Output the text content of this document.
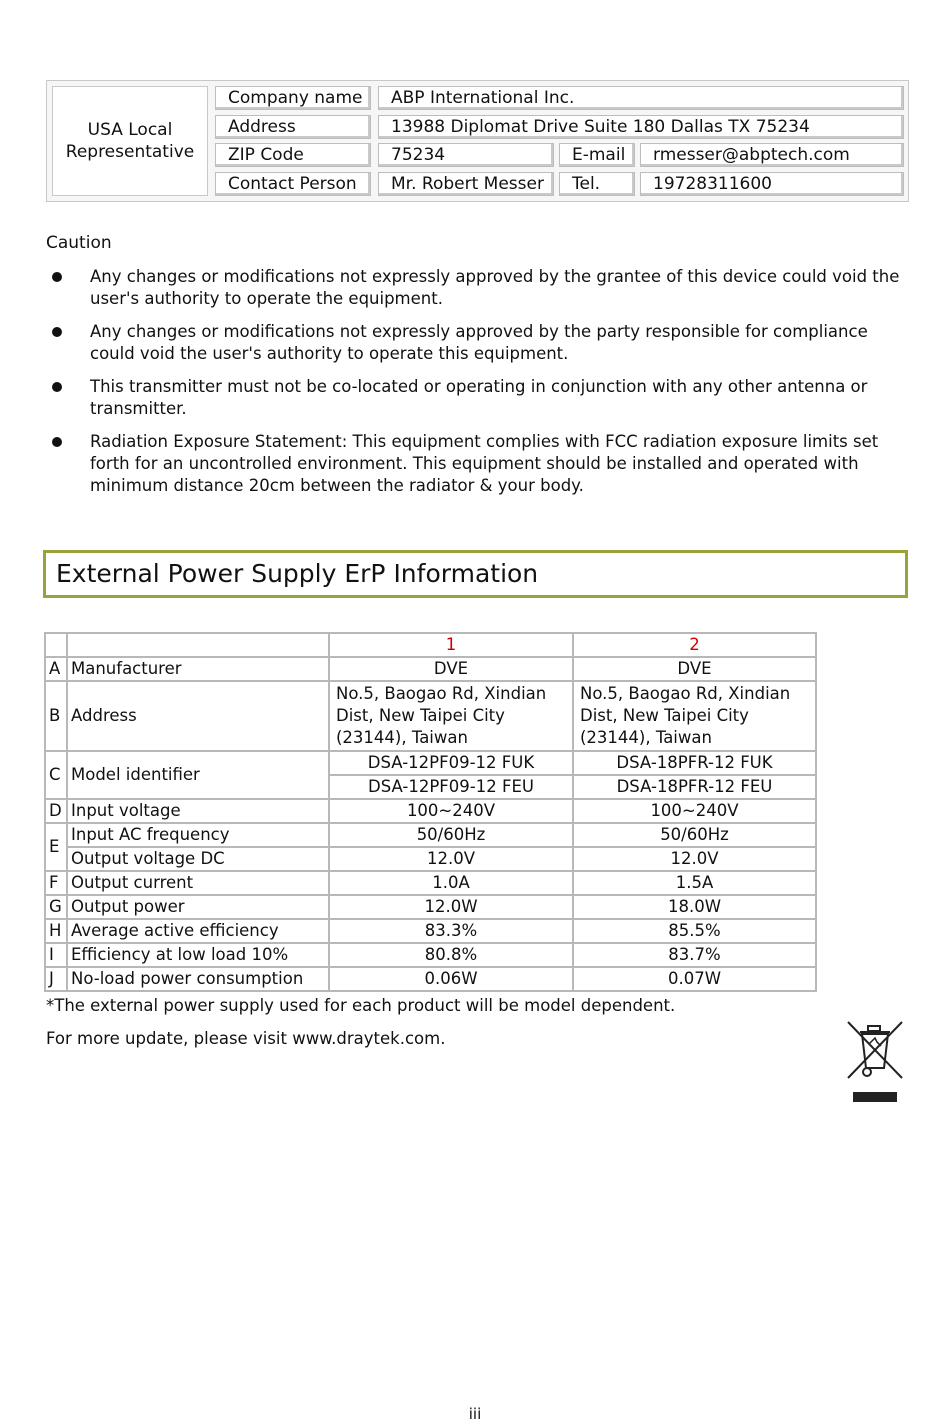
USA Local Representative
Company name	ABP International Inc.
Address	13988 Diplomat Drive Suite 180 Dallas TX 75234
ZIP Code	75234	E-mail	rmesser@abptech.com
Contact Person	Mr. Robert Messer	Tel.	19728311600
Caution
Any changes or modifications not expressly approved by the grantee of this device could void the user's authority to operate the equipment.
Any changes or modifications not expressly approved by the party responsible for compliance could void the user's authority to operate this equipment.
This transmitter must not be co-located or operating in conjunction with any other antenna or transmitter.
Radiation Exposure Statement: This equipment complies with FCC radiation exposure limits set forth for an uncontrolled environment. This equipment should be installed and operated with minimum distance 20cm between the radiator & your body.
External Power Supply ErP Information
		1	2
A	Manufacturer	DVE	DVE
B	Address	No.5, Baogao Rd, Xindian Dist, New Taipei City (23144), Taiwan	No.5, Baogao Rd, Xindian Dist, New Taipei City (23144), Taiwan
C	Model identifier	DSA-12PF09-12 FUK	DSA-18PFR-12 FUK
		DSA-12PF09-12 FEU	DSA-18PFR-12 FEU
D	Input voltage	100~240V	100~240V
E	Input AC frequency	50/60Hz	50/60Hz
	Output voltage DC	12.0V	12.0V
F	Output current	1.0A	1.5A
G	Output power	12.0W	18.0W
H	Average active efficiency	83.3%	85.5%
I	Efficiency at low load 10%	80.8%	83.7%
J	No-load power consumption	0.06W	0.07W
*The external power supply used for each product will be model dependent.
For more update, please visit www.draytek.com.
iii
